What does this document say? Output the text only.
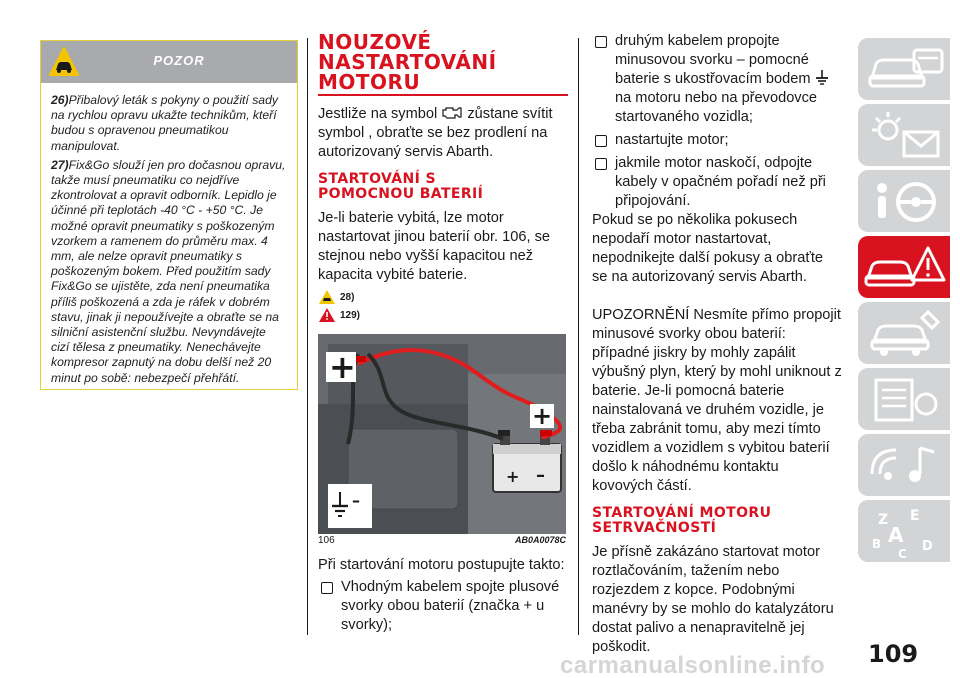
POZOR

26)Přibalový leták s pokyny o použití sady na rychlou opravu ukažte technikům, kteří budou s opravenou pneumatikou manipulovat.

27)Fix&Go slouží jen pro dočasnou opravu, takže musí pneumatiku co nejdříve zkontrolovat a opravit odborník. Lepidlo je účinné při teplotách -40 °C - +50 °C. Je možné opravit pneumatiky s poškozeným vzorkem a ramenem do průměru max. 4 mm, ale nelze opravit pneumatiky s poškozeným bokem. Před použitím sady Fix&Go se ujistěte, zda není pneumatika příliš poškozená a zda je ráfek v dobrém stavu, jinak ji nepoužívejte a obraťte se na silniční asistenční službu. Nevyndávejte cizí tělesa z pneumatiky. Nenechávejte kompresor zapnutý na dobu delší než 20 minut po sobě: nebezpečí přehřátí.

NOUZOVÉ
NASTARTOVÁNÍ
MOTORU
Jestliže na symbol zůstane svítit symbol , obraťte se bez prodlení na autorizovaný servis Abarth.
STARTOVÁNÍ S
POMOCNOU BATERIÍ
Je-li baterie vybitá, lze motor nastartovat jinou baterií obr. 106, se stejnou nebo vyšší kapacitou než kapacita vybité baterie.
28)
129)
+ –
+
+
–
106	AB0A0078C
Při startování motoru postupujte takto:
Vhodným kabelem spojte plusové svorky obou baterií (značka + u svorky);
druhým kabelem propojte minusovou svorku – pomocné baterie s ukostřovacím bodem  na motoru nebo na převodovce startovaného vozidla;
nastartujte motor;
jakmile motor naskočí, odpojte kabely v opačném pořadí než při připojování.
Pokud se po několika pokusech nepodaří motor nastartovat, nepodnikejte další pokusy a obraťte se na autorizovaný servis Abarth.
UPOZORNĚNÍ Nesmíte přímo propojit minusové svorky obou baterií: případné jiskry by mohly zapálit výbušný plyn, který by mohl uniknout z baterie. Je-li pomocná baterie nainstalovaná ve druhém vozidle, je třeba zabránit tomu, aby mezi tímto vozidlem a vozidlem s vybitou baterií došlo k náhodnému kontaktu kovových částí.
STARTOVÁNÍ MOTORU
SETRVAČNOSTÍ
Je přísně zakázáno startovat motor roztlačováním, tažením nebo rozjezdem z kopce. Podobnými manévry by se mohlo do katalyzátoru dostat palivo a nenapravitelně jej poškodit.
Z E
A
B
C D
109
carmanualsonline.info
